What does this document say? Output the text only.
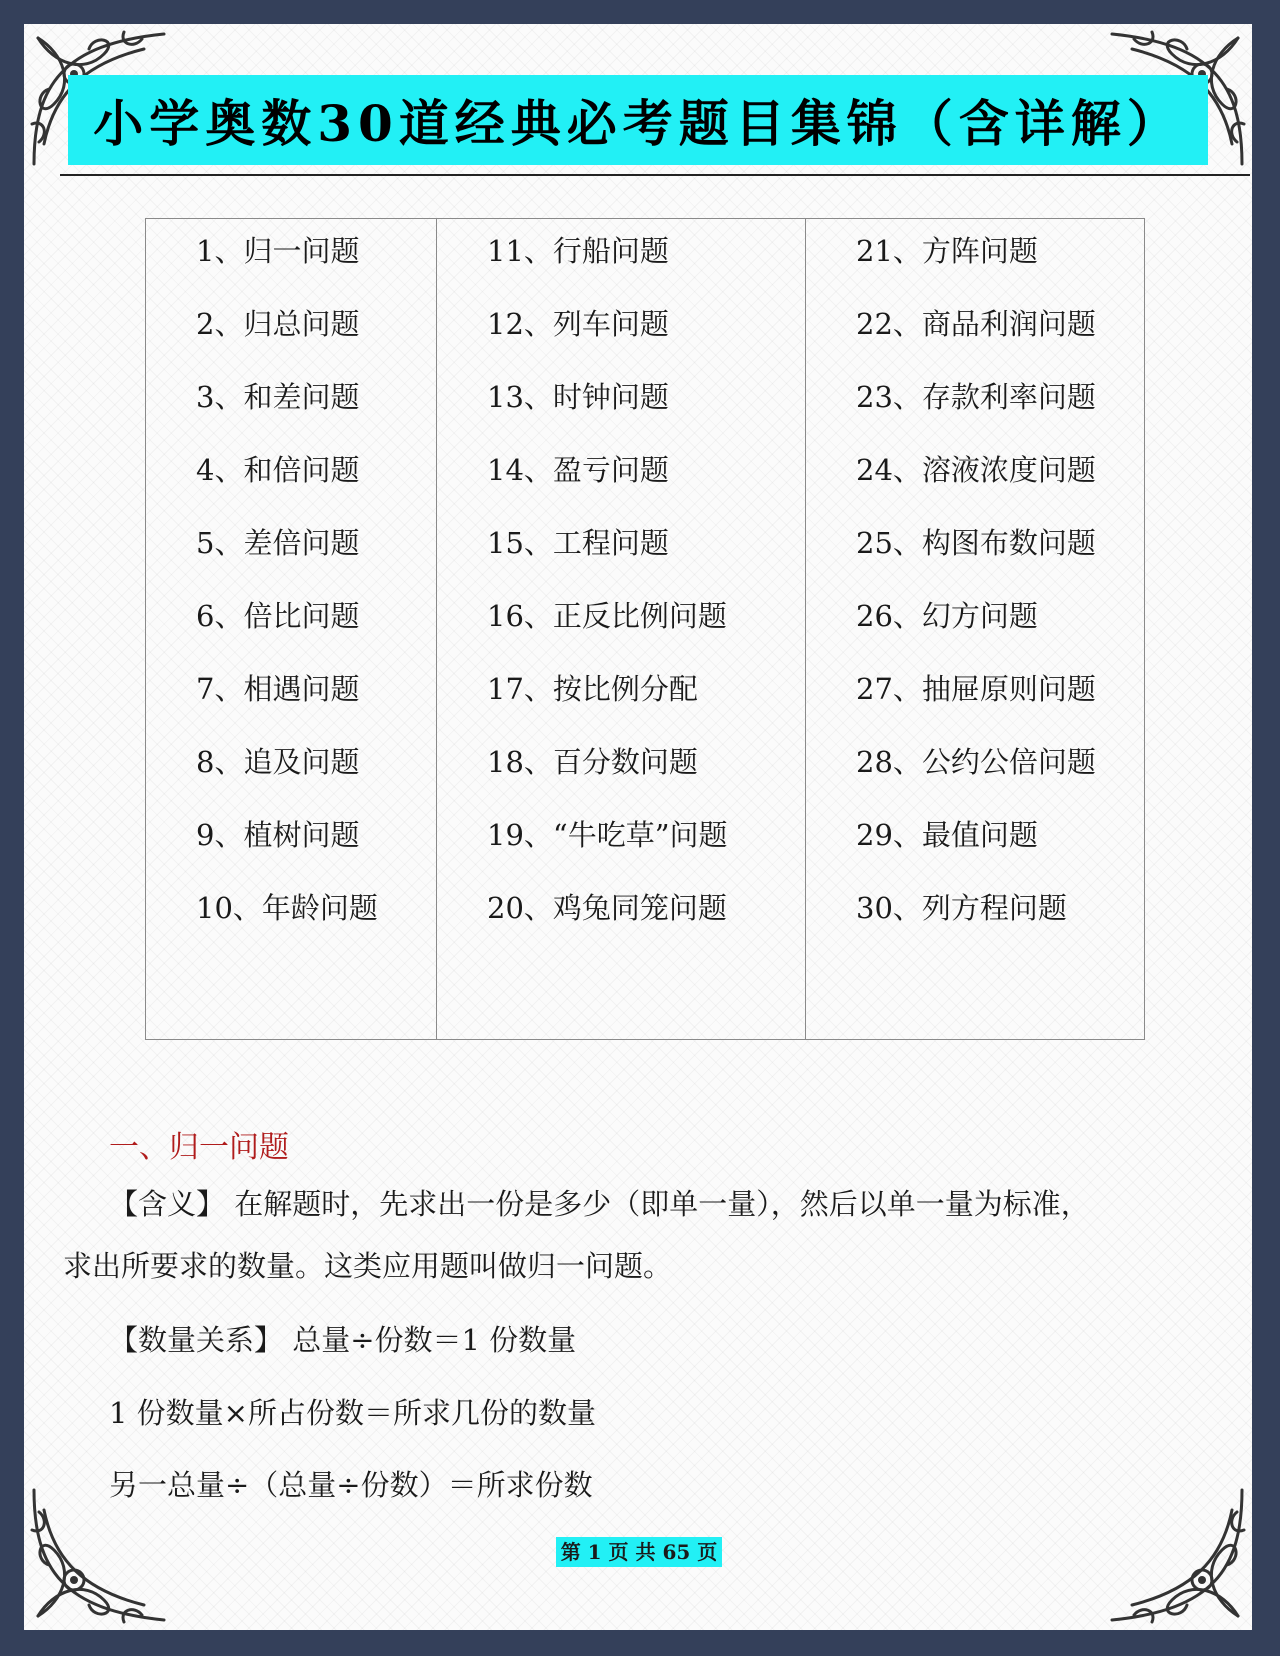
小学奥数30道经典必考题目集锦（含详解）
1、归一问题
2、归总问题
3、和差问题
4、和倍问题
5、差倍问题
6、倍比问题
7、相遇问题
8、追及问题
9、植树问题
10、年龄问题
11、行船问题
12、列车问题
13、时钟问题
14、盈亏问题
15、工程问题
16、正反比例问题
17、按比例分配
18、百分数问题
19、“牛吃草”问题
20、鸡兔同笼问题
21、方阵问题
22、商品利润问题
23、存款利率问题
24、溶液浓度问题
25、构图布数问题
26、幻方问题
27、抽屉原则问题
28、公约公倍问题
29、最值问题
30、列方程问题
一、归一问题
【含义】 在解题时，先求出一份是多少（即单一量），然后以单一量为标准，
求出所要求的数量。这类应用题叫做归一问题。
【数量关系】 总量÷份数＝1 份数量
1 份数量×所占份数＝所求几份的数量
另一总量÷（总量÷份数）＝所求份数
第 1 页 共 65 页
